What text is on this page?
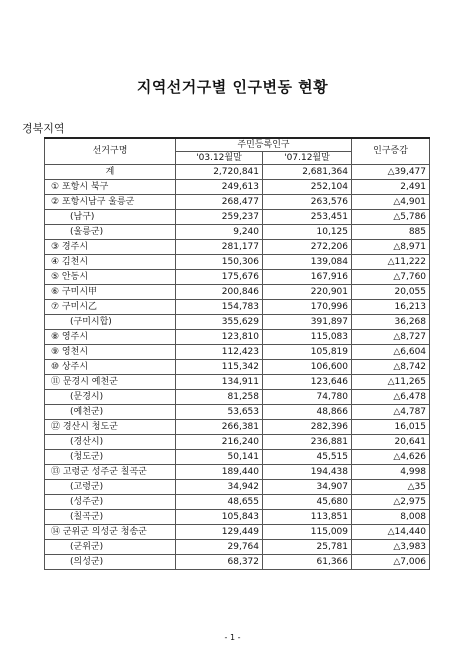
지역선거구별 인구변동 현황
경북지역
선거구명	주민등록인구		인구증감
	'03.12월말	'07.12월말	
계	2,720,841	2,681,364	△39,477
① 포항시 북구	249,613	252,104	2,491
② 포항시남구 울릉군	268,477	263,576	△4,901
(남구)	259,237	253,451	△5,786
(울릉군)	9,240	10,125	885
③ 경주시	281,177	272,206	△8,971
④ 김천시	150,306	139,084	△11,222
⑤ 안동시	175,676	167,916	△7,760
⑥ 구미시甲	200,846	220,901	20,055
⑦ 구미시乙	154,783	170,996	16,213
(구미시합)	355,629	391,897	36,268
⑧ 영주시	123,810	115,083	△8,727
⑨ 영천시	112,423	105,819	△6,604
⑩ 상주시	115,342	106,600	△8,742
⑪ 문경시 예천군	134,911	123,646	△11,265
(문경시)	81,258	74,780	△6,478
(예천군)	53,653	48,866	△4,787
⑫ 경산시 청도군	266,381	282,396	16,015
(경산시)	216,240	236,881	20,641
(청도군)	50,141	45,515	△4,626
⑬ 고령군 성주군 칠곡군	189,440	194,438	4,998
(고령군)	34,942	34,907	△35
(성주군)	48,655	45,680	△2,975
(칠곡군)	105,843	113,851	8,008
⑭ 군위군 의성군 청송군	129,449	115,009	△14,440
(군위군)	29,764	25,781	△3,983
(의성군)	68,372	61,366	△7,006
- 1 -
